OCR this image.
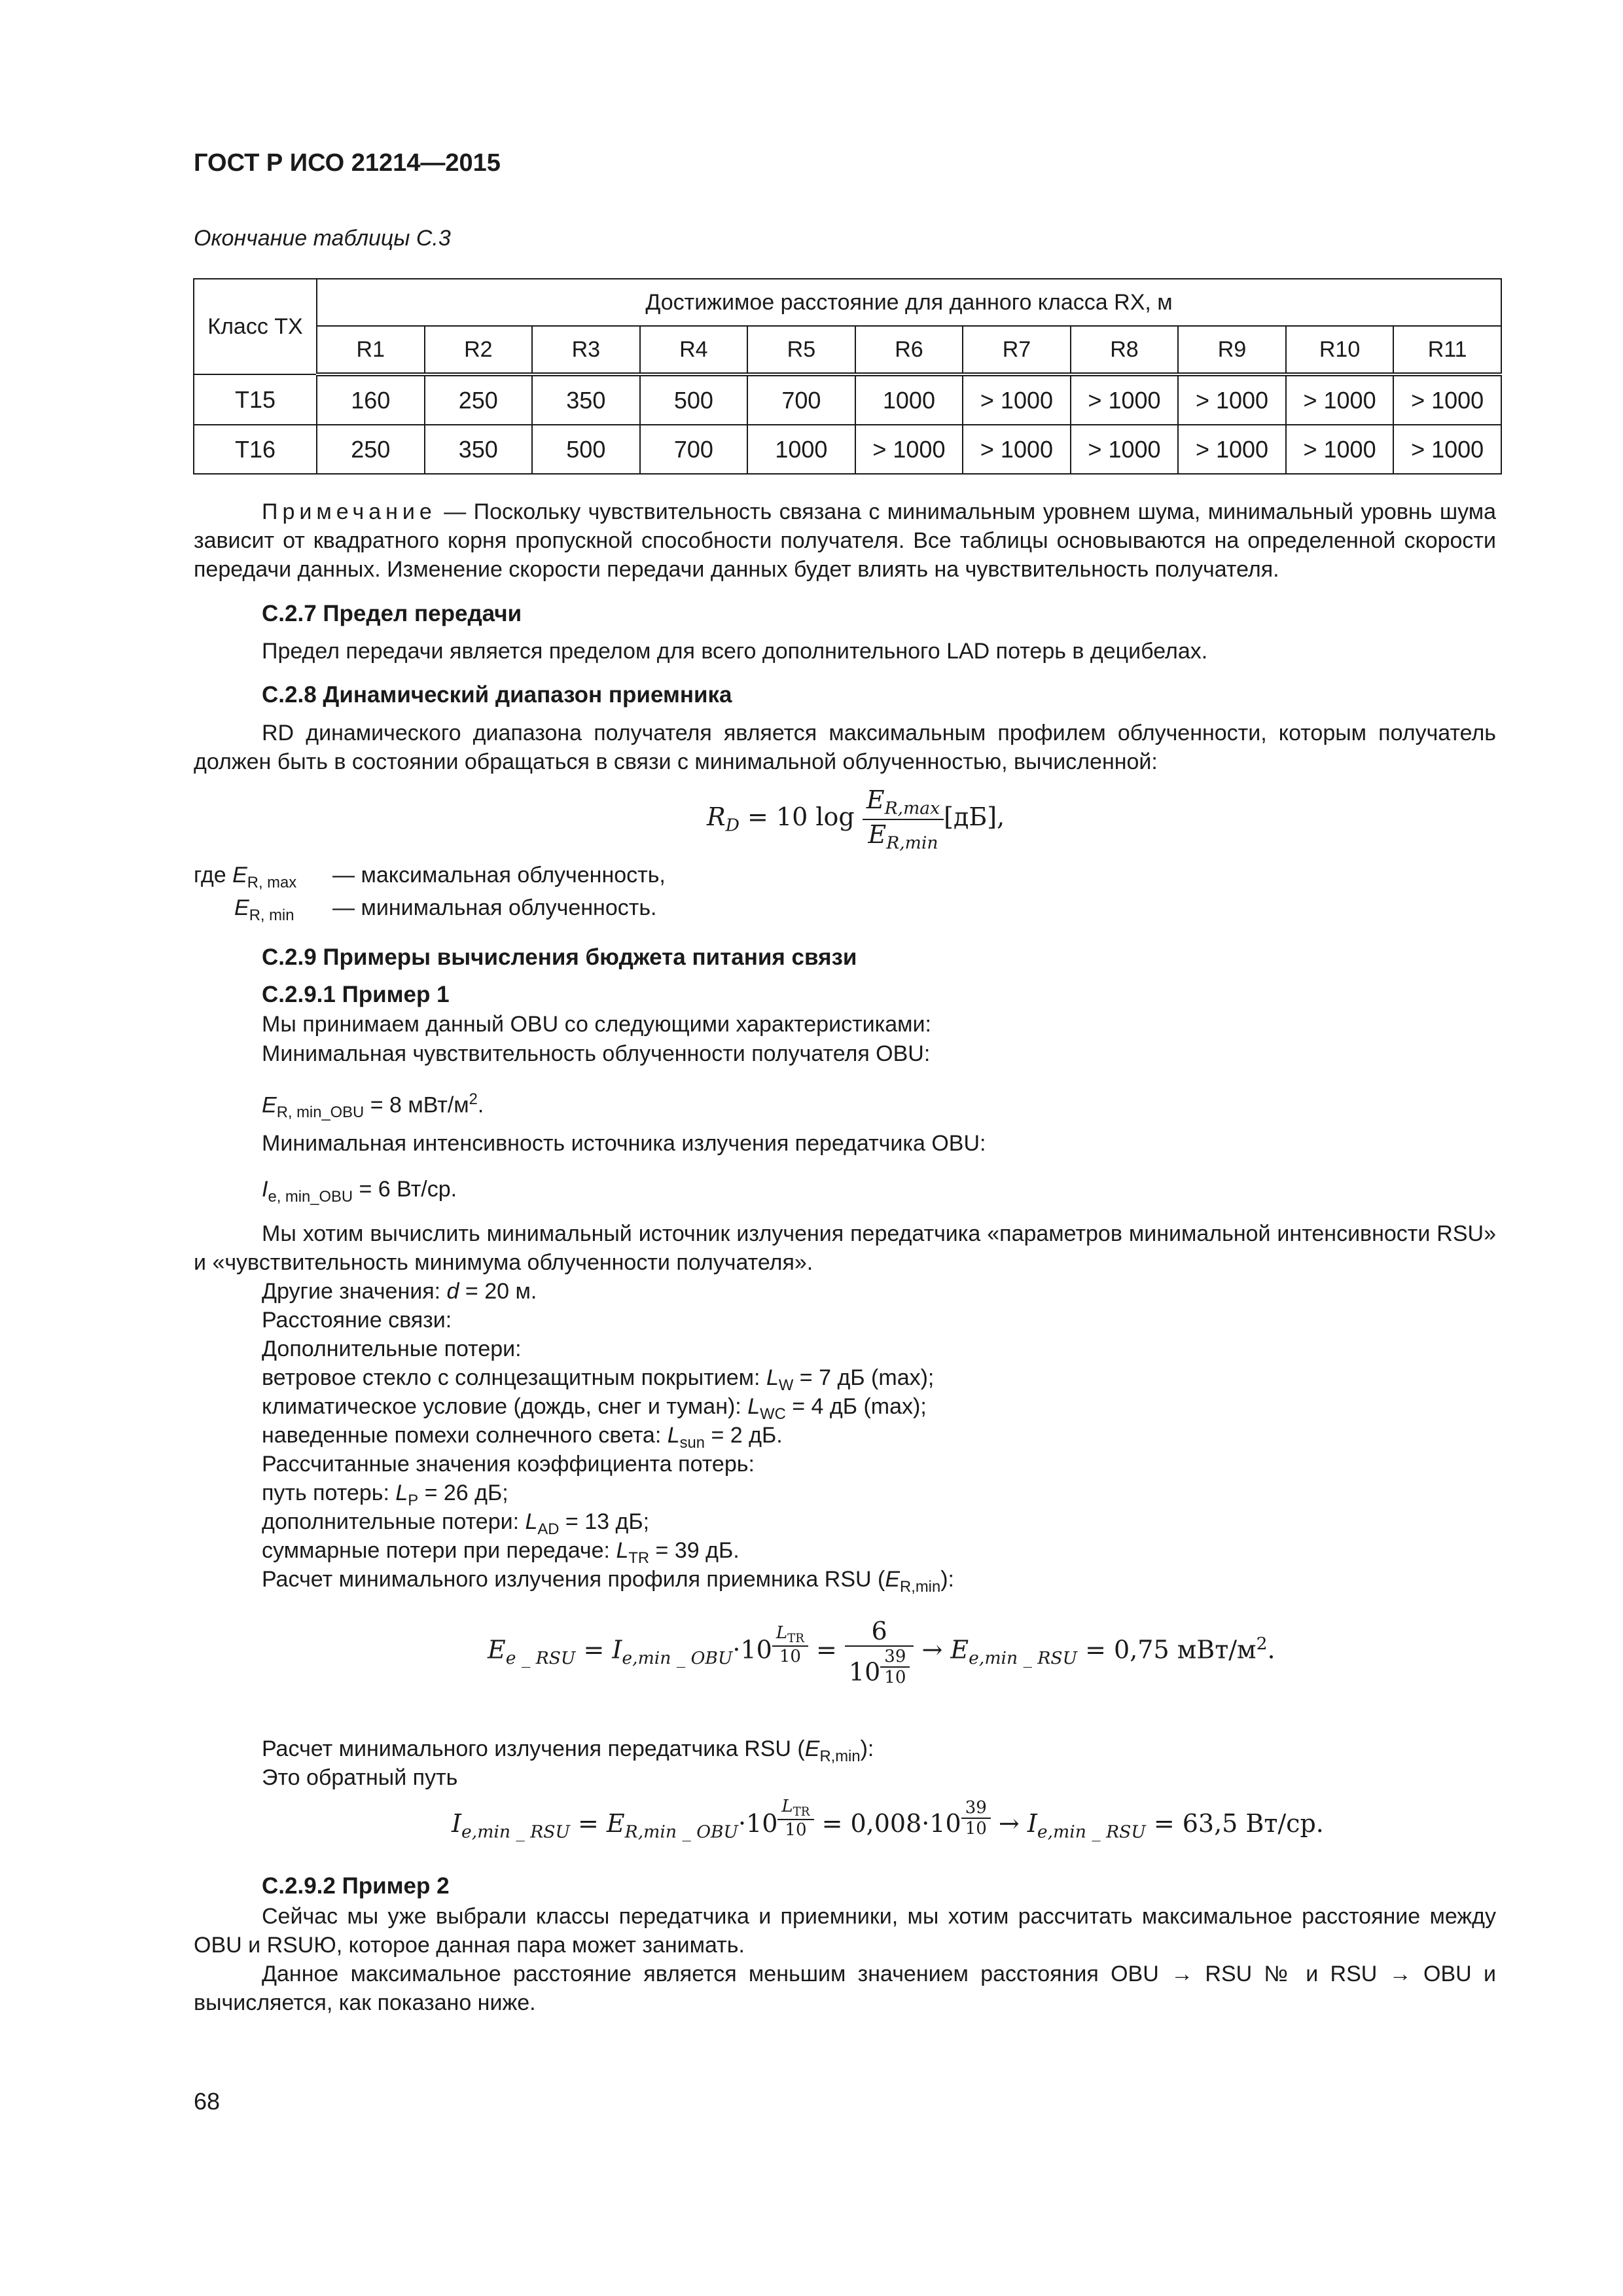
ГОСТ Р ИСО 21214—2015
Окончание таблицы С.3
Класс TX	Достижимое расстояние для данного класса RX, м										
	R1	R2	R3	R4	R5	R6	R7	R8	R9	R10	R11
T15	160	250	350	500	700	1000	> 1000	> 1000	> 1000	> 1000	> 1000
T16	250	350	500	700	1000	> 1000	> 1000	> 1000	> 1000	> 1000	> 1000
Примечание — Поскольку чувствительность связана с минимальным уровнем шума, минимальный уровнь шума зависит от квадратного корня пропускной способности получателя. Все таблицы основываются на определенной скорости передачи данных. Изменение скорости передачи данных будет влиять на чувствительность получателя.
С.2.7 Предел передачи
Предел передачи является пределом для всего дополнительного LAD потерь в децибелах.
С.2.8 Динамический диапазон приемника
RD динамического диапазона получателя является максимальным профилем облученности, которым получатель должен быть в состоянии обращаться в связи с минимальной облученностью, вычисленной:
$R_D = 10$ $\log \frac{E_{R,max}}{E_{R,min}} [дБ]$,
где $E_{R, max}$ — максимальная облученность,
$E_{R, min}$ — минимальная облученность.
С.2.9 Примеры вычисления бюджета питания связи
С.2.9.1 Пример 1
Мы принимаем данный OBU со следующими характеристиками:
Минимальная чувствительность облученности получателя OBU:
$E_{R, min\_OBU} = 8$ мВт/$м^2$.
Минимальная интенсивность источника излучения передатчика OBU:
$I_{e, min\_OBU} = 6$ Вт/ср.
Мы хотим вычислить минимальный источник излучения передатчика «параметров минимальной интенсивности RSU» и «чувствительность минимума облученности получателя».
Другие значения: d = 20 м.
Расстояние связи:
Дополнительные потери:
ветровое стекло с солнцезащитным покрытием: $L_W = 7$ дБ (max);
климатическое условие (дождь, снег и туман): $L_{WC} = 4$ дБ (max);
наведенные помехи солнечного света: $L_{sun} = 2$ дБ.
Рассчитанные значения коэффициента потерь:
путь потерь: $L_P = 26$ дБ;
дополнительные потери: $L_{AD} = 13$ дБ;
суммарные потери при передаче: $L_{TR} = 39$ дБ.
Расчет минимального излучения профиля приемника RSU $(E_{R,min})$:
$E_{e \_ RSU} = I_{e,min \_ OBU}\cdot 10$ $^{\frac{L_{TR}}{10}}$ = 6
10 $^{\frac{39}{10}} \to E_{e,min \_ RSU} = 0,75$ мВт/$м^2$.
Расчет минимального излучения передатчика RSU $(E_{R,min})$:
Это обратный путь
$I_{e,min \_ RSU} = E_{R,min \_ OBU}\cdot 10$ $^{\frac{L_{TR}}{10}}$ = 0,008·10 $^{\frac{39}{10}} \to I_{e,min \_ RSU} = 63,5$ Вт/ср.
С.2.9.2 Пример 2
Сейчас мы уже выбрали классы передатчика и приемники, мы хотим рассчитать максимальное расстояние между OBU и RSUЮ, которое данная пара может занимать.
Данное максимальное расстояние является меньшим значением расстояния OBU → RSU № и RSU → OBU и вычисляется, как показано ниже.
68
